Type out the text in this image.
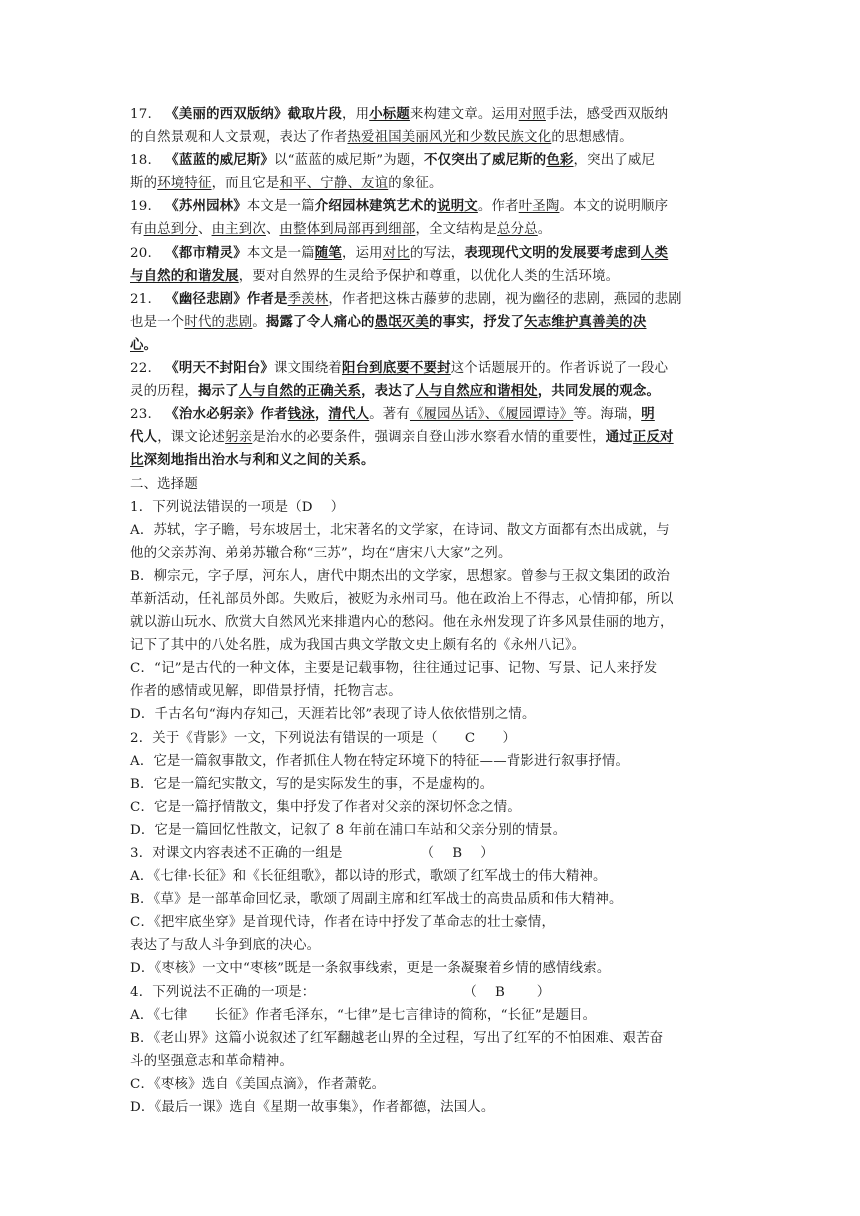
17. 《美丽的西双版纳》截取片段，用小标题来构建文章。运用对照手法，感受西双版纳
的自然景观和人文景观，表达了作者热爱祖国美丽风光和少数民族文化的思想感情。
18. 《蓝蓝的威尼斯》以“蓝蓝的威尼斯”为题，不仅突出了威尼斯的色彩，突出了威尼
斯的环境特征，而且它是和平、宁静、友谊的象征。
19. 《苏州园林》本文是一篇介绍园林建筑艺术的说明文。作者叶圣陶。本文的说明顺序
有由总到分、由主到次、由整体到局部再到细部，全文结构是总分总。
20. 《都市精灵》本文是一篇随笔，运用对比的写法，表现现代文明的发展要考虑到人类
与自然的和谐发展，要对自然界的生灵给予保护和尊重，以优化人类的生活环境。
21. 《幽径悲剧》作者是季羡林，作者把这株古藤萝的悲剧，视为幽径的悲剧，燕园的悲剧
也是一个时代的悲剧。揭露了令人痛心的愚氓灭美的事实，抒发了矢志维护真善美的决
心。
22. 《明天不封阳台》课文围绕着阳台到底要不要封这个话题展开的。作者诉说了一段心
灵的历程，揭示了人与自然的正确关系，表达了人与自然应和谐相处，共同发展的观念。
23. 《治水必躬亲》作者钱泳，清代人。著有《履园丛话》、《履园谭诗》等。海瑞，明
代人，课文论述躬亲是治水的必要条件，强调亲自登山涉水察看水情的重要性，通过正反对
比深刻地指出治水与利和义之间的关系。
二、选择题
1．下列说法错误的一项是（D　 ）
A．苏轼，字子瞻，号东坡居士，北宋著名的文学家，在诗词、散文方面都有杰出成就，与
他的父亲苏洵、弟弟苏辙合称“三苏”，均在“唐宋八大家”之列。
B．柳宗元，字子厚，河东人，唐代中期杰出的文学家，思想家。曾参与王叔文集团的政治
革新活动，任礼部员外郎。失败后，被贬为永州司马。他在政治上不得志，心情抑郁，所以
就以游山玩水、欣赏大自然风光来排遣内心的愁闷。他在永州发现了许多风景佳丽的地方，
记下了其中的八处名胜，成为我国古典文学散文史上颇有名的《永州八记》。
C．“记”是古代的一种文体，主要是记载事物，往往通过记事、记物、写景、记人来抒发
作者的感情或见解，即借景抒情，托物言志。
D．千古名句“海内存知己，天涯若比邻”表现了诗人依依惜别之情。
2．关于《背影》一文，下列说法有错误的一项是（　　C　　）
A．它是一篇叙事散文，作者抓住人物在特定环境下的特征——背影进行叙事抒情。
B．它是一篇纪实散文，写的是实际发生的事，不是虚构的。
C．它是一篇抒情散文，集中抒发了作者对父亲的深切怀念之情。
D．它是一篇回忆性散文，记叙了 8 年前在浦口车站和父亲分别的情景。
3．对课文内容表述不正确的一组是	（　 B　 ）
A．《七律·长征》和《长征组歌》，都以诗的形式，歌颂了红军战士的伟大精神。
B．《草》是一部革命回忆录，歌颂了周副主席和红军战士的高贵品质和伟大精神。
C．《把牢底坐穿》是首现代诗，作者在诗中抒发了革命志的壮士豪情，
表达了与敌人斗争到底的决心。
D．《枣核》一文中“枣核”既是一条叙事线索，更是一条凝聚着乡情的感情线索。
4．下列说法不正确的一项是：	（　 B　　 ）
A．《七律　　长征》作者毛泽东，“七律”是七言律诗的简称，“长征”是题目。
B．《老山界》这篇小说叙述了红军翻越老山界的全过程，写出了红军的不怕困难、艰苦奋
斗的坚强意志和革命精神。
C．《枣核》选自《美国点滴》，作者萧乾。
D．《最后一课》选自《星期一故事集》，作者都德，法国人。
